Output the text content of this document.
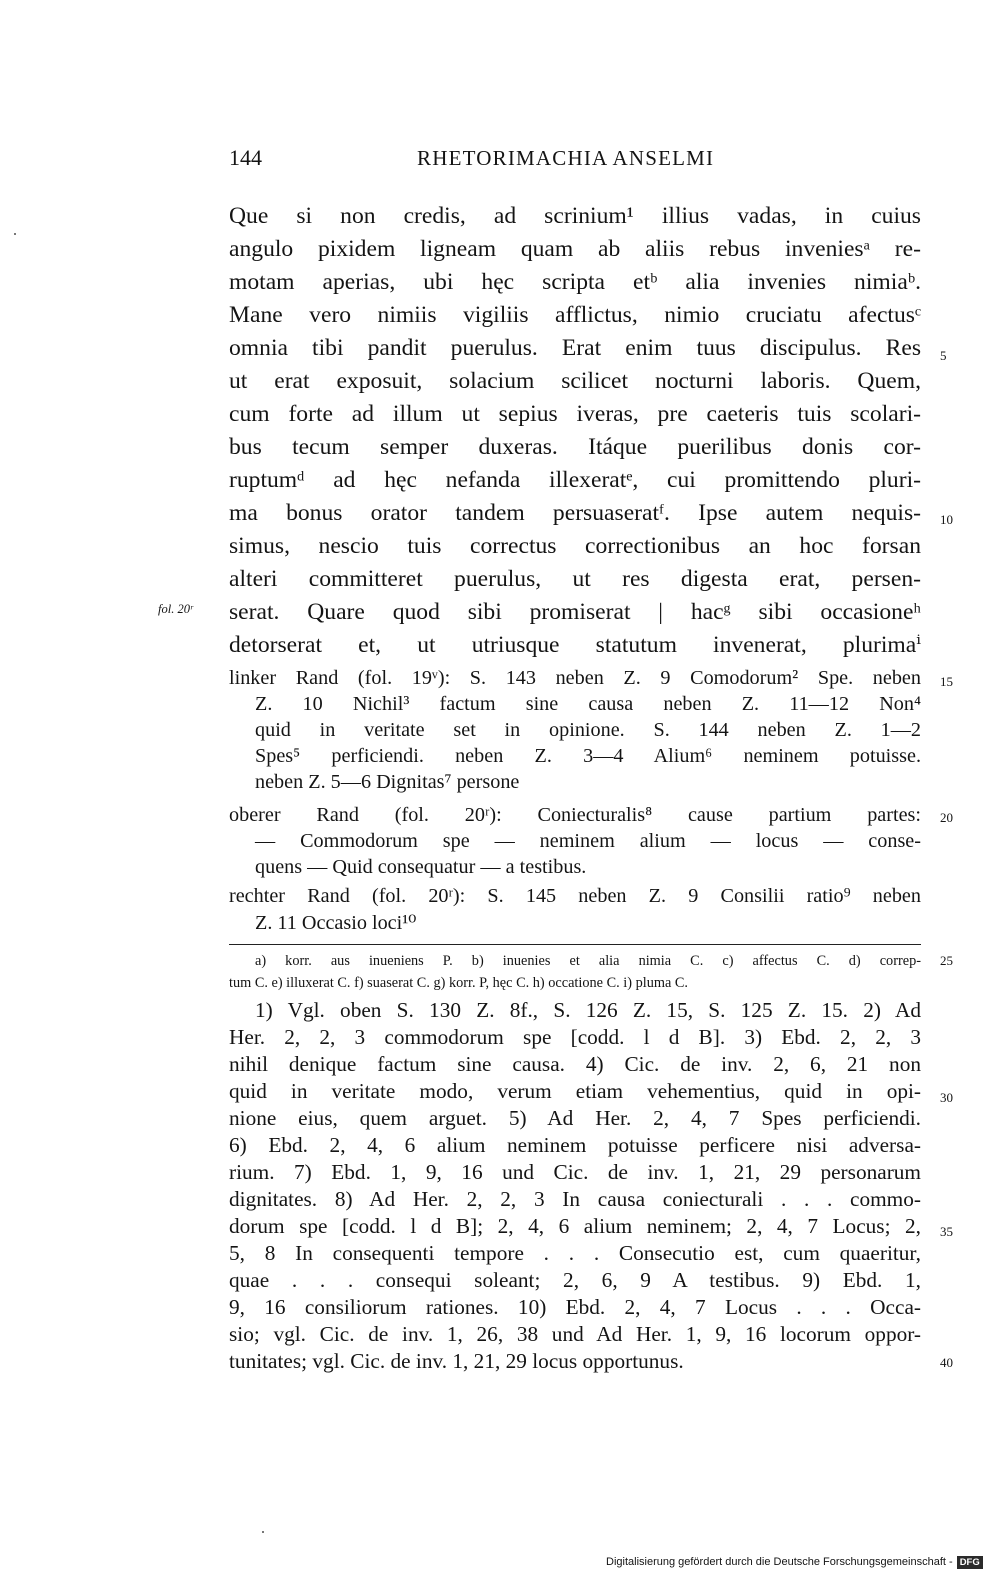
144	RHETORIMACHIA ANSELMI
Que si non credis, ad scrinium¹ illius vadas, in cuius
angulo pixidem ligneam quam ab aliis rebus inveniesᵃ re-
motam aperias, ubi hęc scripta etᵇ alia invenies nimiaᵇ.
Mane vero nimiis vigiliis afflictus, nimio cruciatu afectusᶜ
omnia tibi pandit puerulus. Erat enim tuus discipulus. Res
ut erat exposuit, solacium scilicet nocturni laboris. Quem,
cum forte ad illum ut sepius iveras, pre caeteris tuis scolari-
bus tecum semper duxeras. Itáque puerilibus donis cor-
ruptumᵈ ad hęc nefanda illexeratᵉ, cui promittendo pluri-
ma bonus orator tandem persuaseratᶠ. Ipse autem nequis-
simus, nescio tuis correctus correctionibus an hoc forsan
alteri committeret puerulus, ut res digesta erat, persen-
serat. Quare quod sibi promiserat | hacᵍ sibi occasioneʰ
detorserat et, ut utriusque statutum invenerat, plurimaⁱ
fol. 20ʳ
linker Rand (fol. 19ᵛ): S. 143 neben Z. 9 Comodorum² Spe. neben
Z. 10 Nichil³ factum sine causa neben Z. 11—12 Non⁴
quid in veritate set in opinione. S. 144 neben Z. 1—2
Spes⁵ perficiendi. neben Z. 3—4 Alium⁶ neminem potuisse.
neben Z. 5—6 Dignitas⁷ persone
oberer Rand (fol. 20ʳ): Coniecturalis⁸ cause partium partes:
— Commodorum spe — neminem alium — locus — conse-
quens — Quid consequatur — a testibus.
rechter Rand (fol. 20ʳ): S. 145 neben Z. 9 Consilii ratio⁹ neben
Z. 11 Occasio loci¹⁰
a) korr. aus inueniens P. b) inuenies et alia nimia C. c) affectus C. d) correp-
tum C. e) illuxerat C. f) suaserat C. g) korr. P, hęc C. h) occatione C. i) pluma C.
1) Vgl. oben S. 130 Z. 8f., S. 126 Z. 15, S. 125 Z. 15. 2) Ad
Her. 2, 2, 3 commodorum spe [codd. l d B]. 3) Ebd. 2, 2, 3
nihil denique factum sine causa. 4) Cic. de inv. 2, 6, 21 non
quid in veritate modo, verum etiam vehementius, quid in opi-
nione eius, quem arguet. 5) Ad Her. 2, 4, 7 Spes perficiendi.
6) Ebd. 2, 4, 6 alium neminem potuisse perficere nisi adversa-
rium. 7) Ebd. 1, 9, 16 und Cic. de inv. 1, 21, 29 personarum
dignitates. 8) Ad Her. 2, 2, 3 In causa coniecturali . . . commo-
dorum spe [codd. l d B]; 2, 4, 6 alium neminem; 2, 4, 7 Locus; 2,
5, 8 In consequenti tempore . . . Consecutio est, cum quaeritur,
quae . . . consequi soleant; 2, 6, 9 A testibus. 9) Ebd. 1,
9, 16 consiliorum rationes. 10) Ebd. 2, 4, 7 Locus . . . Occa-
sio; vgl. Cic. de inv. 1, 26, 38 und Ad Her. 1, 9, 16 locorum oppor-
tunitates; vgl. Cic. de inv. 1, 21, 29 locus opportunus.
5
10
15
20
25
30
35
40
Digitalisierung gefördert durch die Deutsche Forschungsgemeinschaft - DFG
